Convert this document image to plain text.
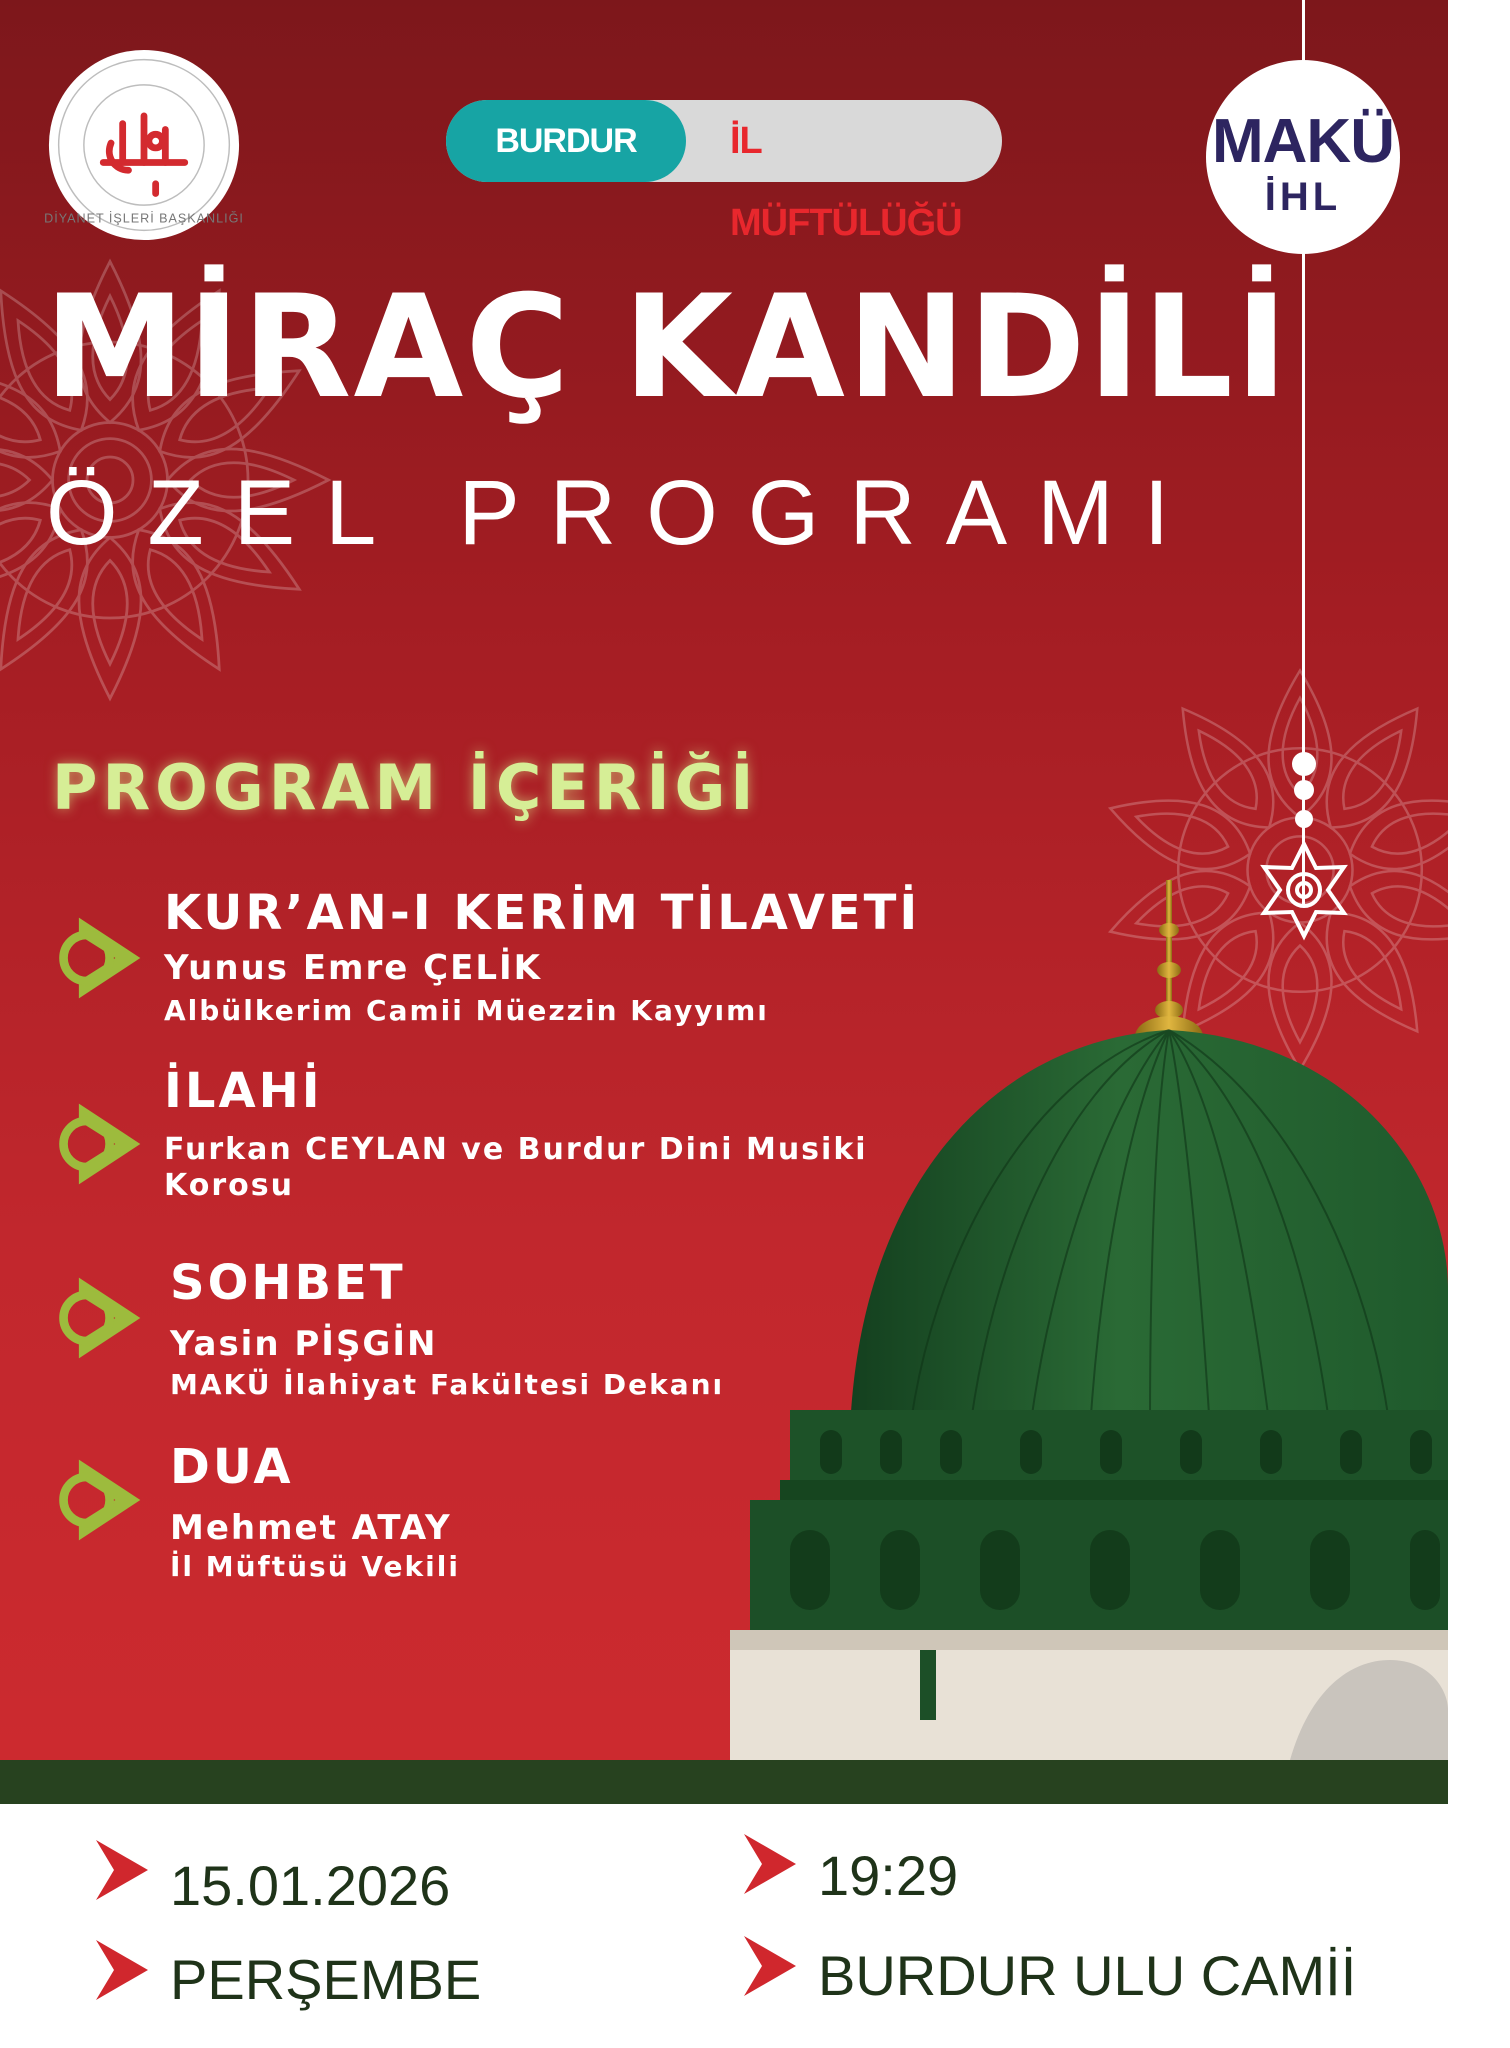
DİYANET İŞLERİ BAŞKANLIĞI
BURDUR	İL MÜFTÜLÜĞÜ
MAKÜ
İHL
MİRAÇ KANDİLİ
ÖZEL PROGRAMI
PROGRAM İÇERİĞİ
KUR’AN-I KERİM TİLAVETİ
Yunus Emre ÇELİK
Albülkerim Camii Müezzin Kayyımı
İLAHİ
Furkan CEYLAN ve Burdur Dini Musiki
Korosu
SOHBET
Yasin PİŞGİN
MAKÜ İlahiyat Fakültesi Dekanı
DUA
Mehmet ATAY
İl Müftüsü Vekili
15.01.2026
PERŞEMBE
19:29
BURDUR ULU CAMİİ
